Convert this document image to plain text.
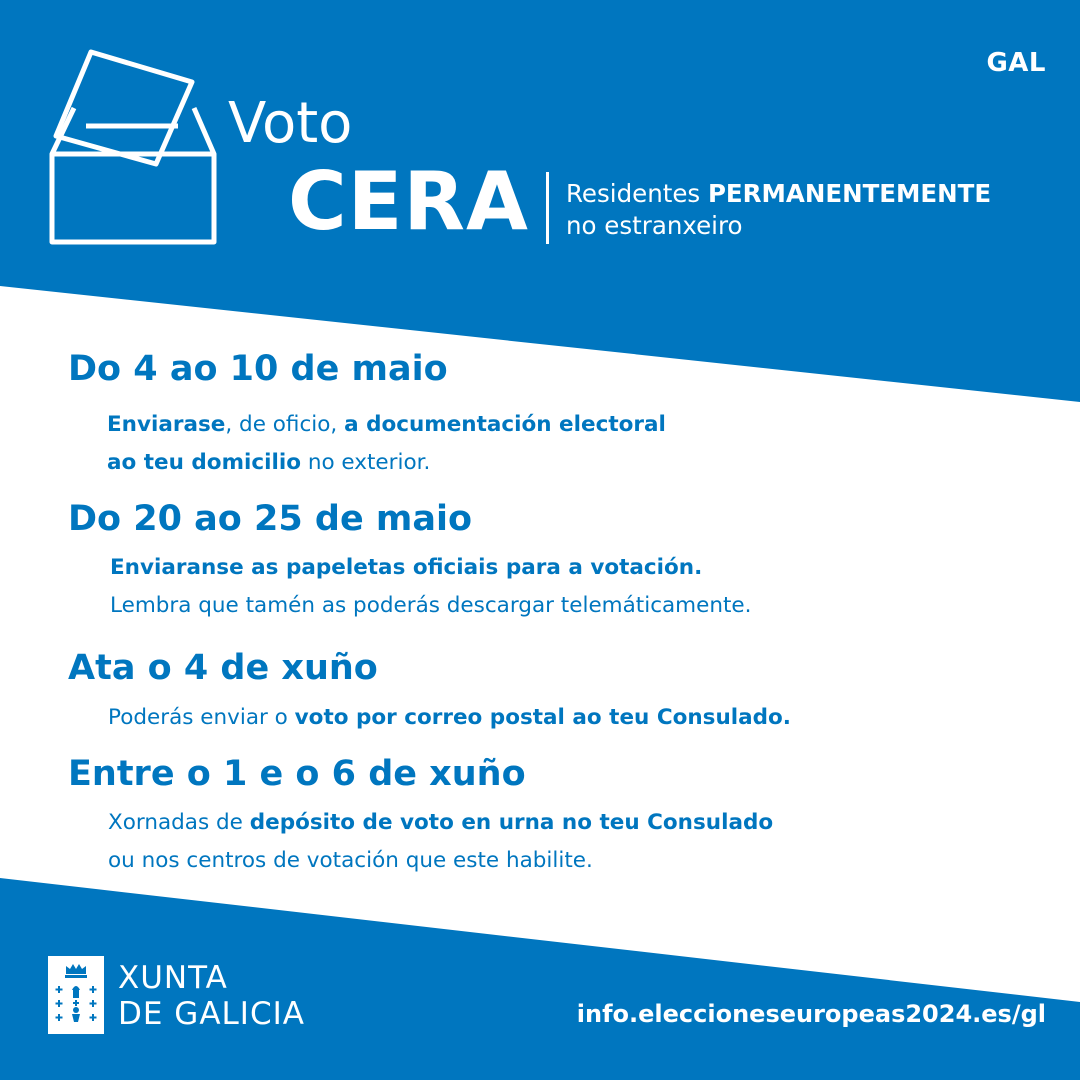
GAL
Voto
CERA Residentes PERMANENTEMENTE
no estranxeiro
Do 4 ao 10 de maio
Enviarase, de oficio, a documentación electoral
ao teu domicilio no exterior.
Do 20 ao 25 de maio
Enviaranse as papeletas oficiais para a votación.
Lembra que tamén as poderás descargar telemáticamente.
Ata o 4 de xuño
Poderás enviar o voto por correo postal ao teu Consulado.
Entre o 1 e o 6 de xuño
Xornadas de depósito de voto en urna no teu Consulado
ou nos centros de votación que este habilite.
XUNTA
DE GALICIA	info.eleccioneseuropeas2024.es/gl
